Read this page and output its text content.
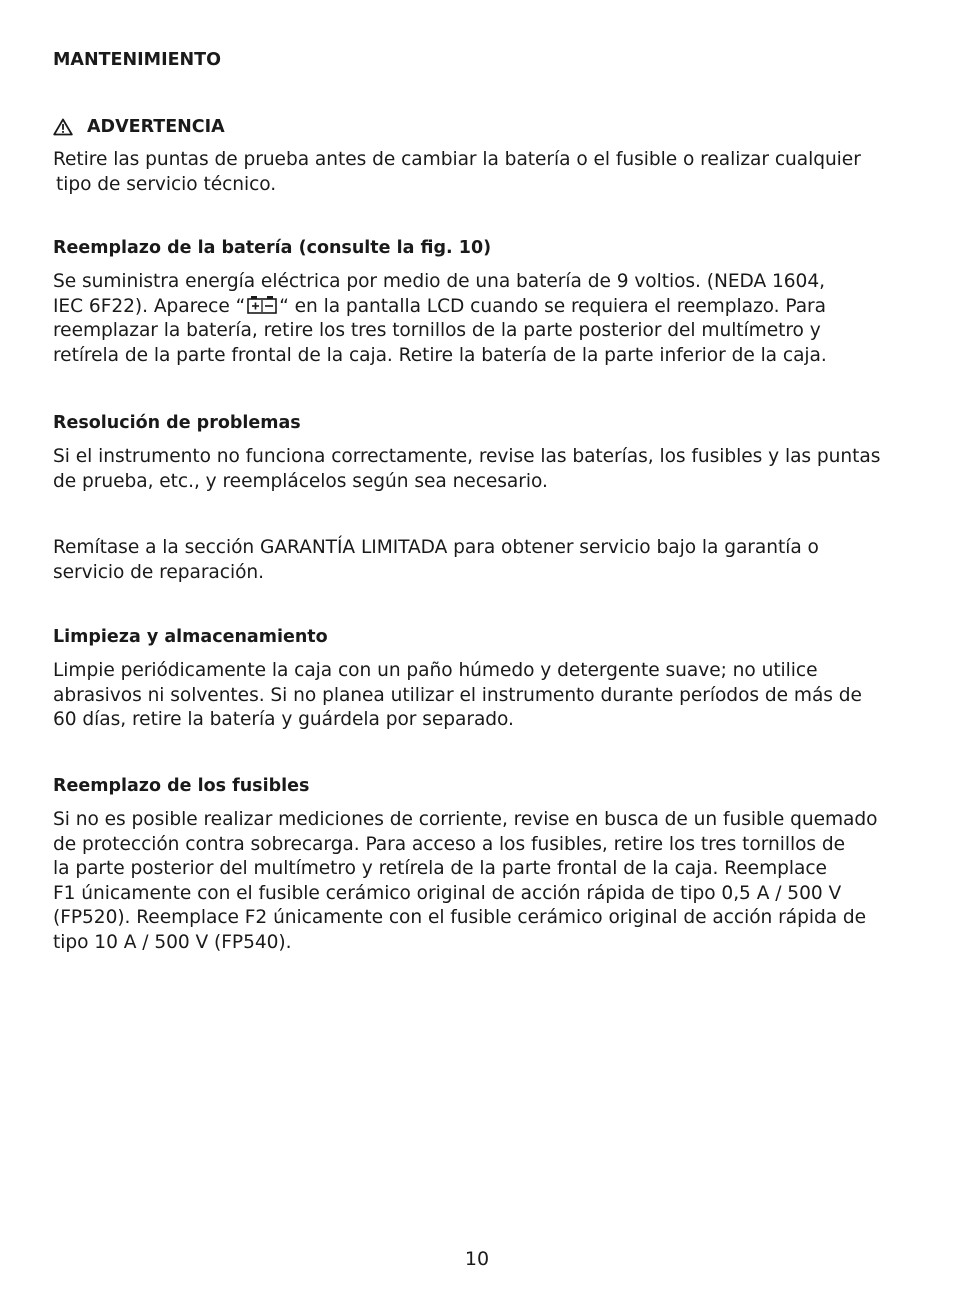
MANTENIMIENTO

ADVERTENCIA

Retire las puntas de prueba antes de cambiar la batería o el fusible o realizar cualquier
tipo de servicio técnico.

Reemplazo de la batería (consulte la fig. 10)

Se suministra energía eléctrica por medio de una batería de 9 voltios. (NEDA 1604,
IEC 6F22). Aparece “ “ en la pantalla LCD cuando se requiera el reemplazo. Para
reemplazar la batería, retire los tres tornillos de la parte posterior del multímetro y
retírela de la parte frontal de la caja. Retire la batería de la parte inferior de la caja.

Resolución de problemas

Si el instrumento no funciona correctamente, revise las baterías, los fusibles y las puntas
de prueba, etc., y reemplácelos según sea necesario.

Remítase a la sección GARANTÍA LIMITADA para obtener servicio bajo la garantía o
servicio de reparación.

Limpieza y almacenamiento

Limpie periódicamente la caja con un paño húmedo y detergente suave; no utilice
abrasivos ni solventes. Si no planea utilizar el instrumento durante períodos de más de
60 días, retire la batería y guárdela por separado.

Reemplazo de los fusibles

Si no es posible realizar mediciones de corriente, revise en busca de un fusible quemado
de protección contra sobrecarga. Para acceso a los fusibles, retire los tres tornillos de
la parte posterior del multímetro y retírela de la parte frontal de la caja. Reemplace
F1 únicamente con el fusible cerámico original de acción rápida de tipo 0,5 A / 500 V
(FP520). Reemplace F2 únicamente con el fusible cerámico original de acción rápida de
tipo 10 A / 500 V (FP540).

10
